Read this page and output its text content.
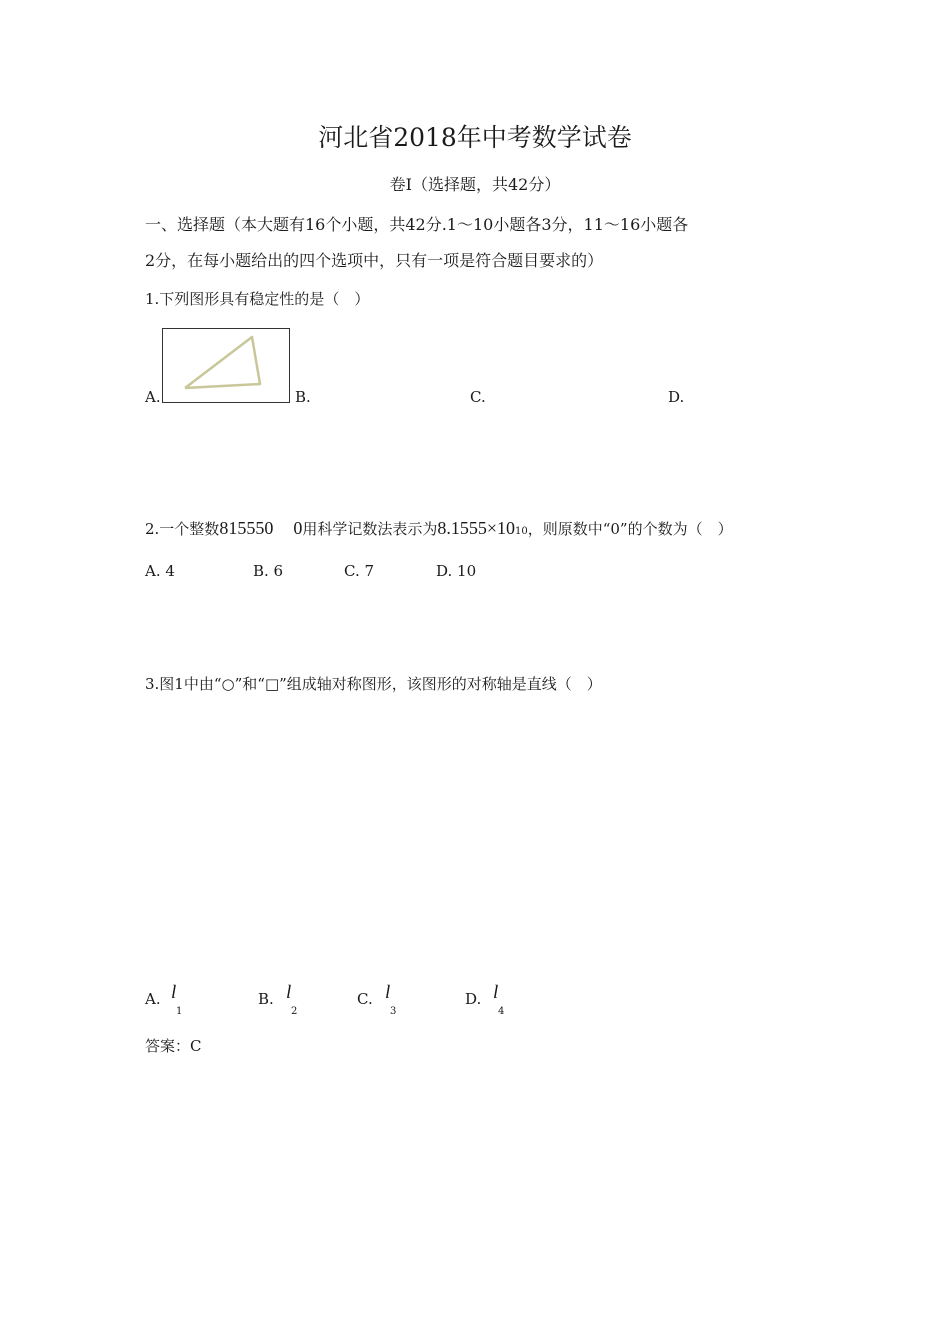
河北省2018年中考数学试卷
卷Ⅰ（选择题，共42分）
一、选择题（本大题有16个小题，共42分.1～10小题各3分，11～16小题各
2分，在每小题给出的四个选项中，只有一项是符合题目要求的）
1.下列图形具有稳定性的是（　）
A.	B.	C.	D.
2.一个整数815550 0用科学记数法表示为8.1555×1010，则原数中“0”的个数为（　）
A. 4	B. 6	C. 7	D. 10
3.图1中由“○”和“□”组成轴对称图形，该图形的对称轴是直线（　）
A. l
1
B. l
2
C. l
3
D. l
4
答案：C
